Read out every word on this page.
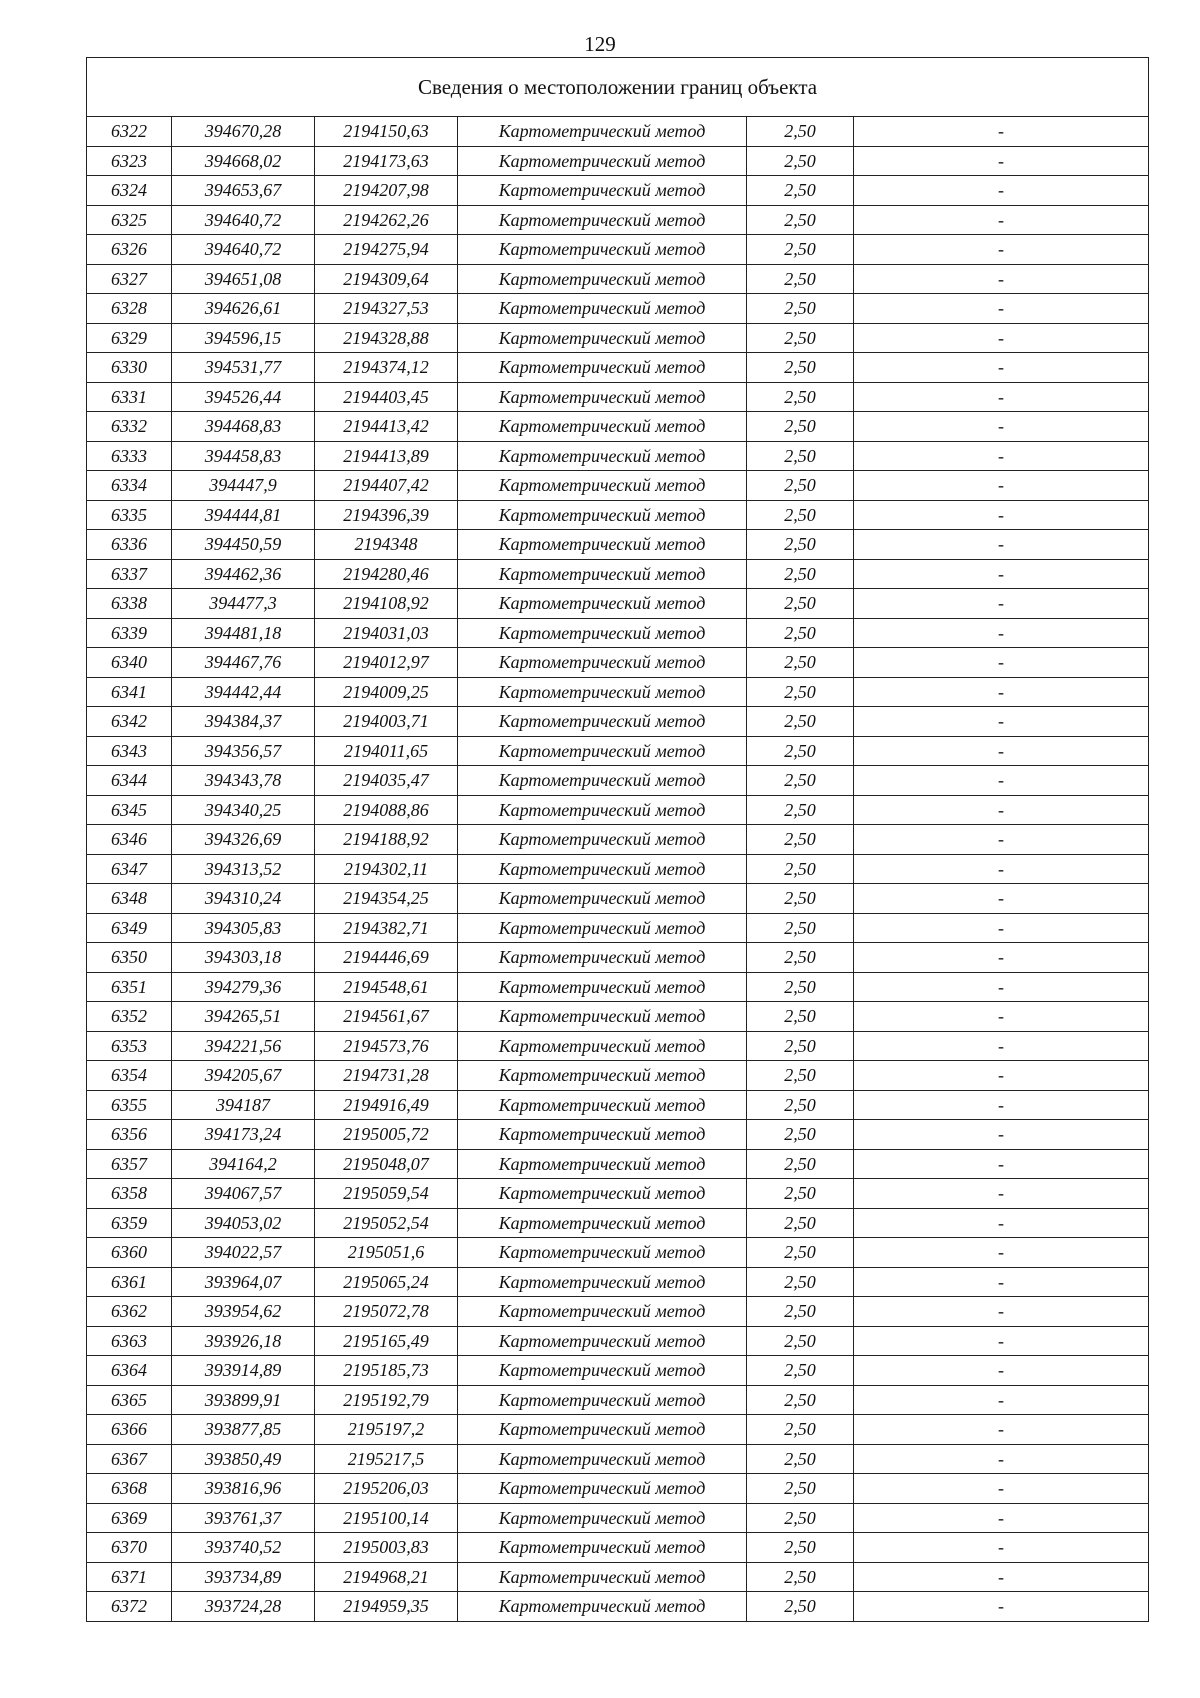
129
Сведения о местоположении границ объекта					
6322	394670,28	2194150,63	Картометрический метод	2,50	-
6323	394668,02	2194173,63	Картометрический метод	2,50	-
6324	394653,67	2194207,98	Картометрический метод	2,50	-
6325	394640,72	2194262,26	Картометрический метод	2,50	-
6326	394640,72	2194275,94	Картометрический метод	2,50	-
6327	394651,08	2194309,64	Картометрический метод	2,50	-
6328	394626,61	2194327,53	Картометрический метод	2,50	-
6329	394596,15	2194328,88	Картометрический метод	2,50	-
6330	394531,77	2194374,12	Картометрический метод	2,50	-
6331	394526,44	2194403,45	Картометрический метод	2,50	-
6332	394468,83	2194413,42	Картометрический метод	2,50	-
6333	394458,83	2194413,89	Картометрический метод	2,50	-
6334	394447,9	2194407,42	Картометрический метод	2,50	-
6335	394444,81	2194396,39	Картометрический метод	2,50	-
6336	394450,59	2194348	Картометрический метод	2,50	-
6337	394462,36	2194280,46	Картометрический метод	2,50	-
6338	394477,3	2194108,92	Картометрический метод	2,50	-
6339	394481,18	2194031,03	Картометрический метод	2,50	-
6340	394467,76	2194012,97	Картометрический метод	2,50	-
6341	394442,44	2194009,25	Картометрический метод	2,50	-
6342	394384,37	2194003,71	Картометрический метод	2,50	-
6343	394356,57	2194011,65	Картометрический метод	2,50	-
6344	394343,78	2194035,47	Картометрический метод	2,50	-
6345	394340,25	2194088,86	Картометрический метод	2,50	-
6346	394326,69	2194188,92	Картометрический метод	2,50	-
6347	394313,52	2194302,11	Картометрический метод	2,50	-
6348	394310,24	2194354,25	Картометрический метод	2,50	-
6349	394305,83	2194382,71	Картометрический метод	2,50	-
6350	394303,18	2194446,69	Картометрический метод	2,50	-
6351	394279,36	2194548,61	Картометрический метод	2,50	-
6352	394265,51	2194561,67	Картометрический метод	2,50	-
6353	394221,56	2194573,76	Картометрический метод	2,50	-
6354	394205,67	2194731,28	Картометрический метод	2,50	-
6355	394187	2194916,49	Картометрический метод	2,50	-
6356	394173,24	2195005,72	Картометрический метод	2,50	-
6357	394164,2	2195048,07	Картометрический метод	2,50	-
6358	394067,57	2195059,54	Картометрический метод	2,50	-
6359	394053,02	2195052,54	Картометрический метод	2,50	-
6360	394022,57	2195051,6	Картометрический метод	2,50	-
6361	393964,07	2195065,24	Картометрический метод	2,50	-
6362	393954,62	2195072,78	Картометрический метод	2,50	-
6363	393926,18	2195165,49	Картометрический метод	2,50	-
6364	393914,89	2195185,73	Картометрический метод	2,50	-
6365	393899,91	2195192,79	Картометрический метод	2,50	-
6366	393877,85	2195197,2	Картометрический метод	2,50	-
6367	393850,49	2195217,5	Картометрический метод	2,50	-
6368	393816,96	2195206,03	Картометрический метод	2,50	-
6369	393761,37	2195100,14	Картометрический метод	2,50	-
6370	393740,52	2195003,83	Картометрический метод	2,50	-
6371	393734,89	2194968,21	Картометрический метод	2,50	-
6372	393724,28	2194959,35	Картометрический метод	2,50	-
